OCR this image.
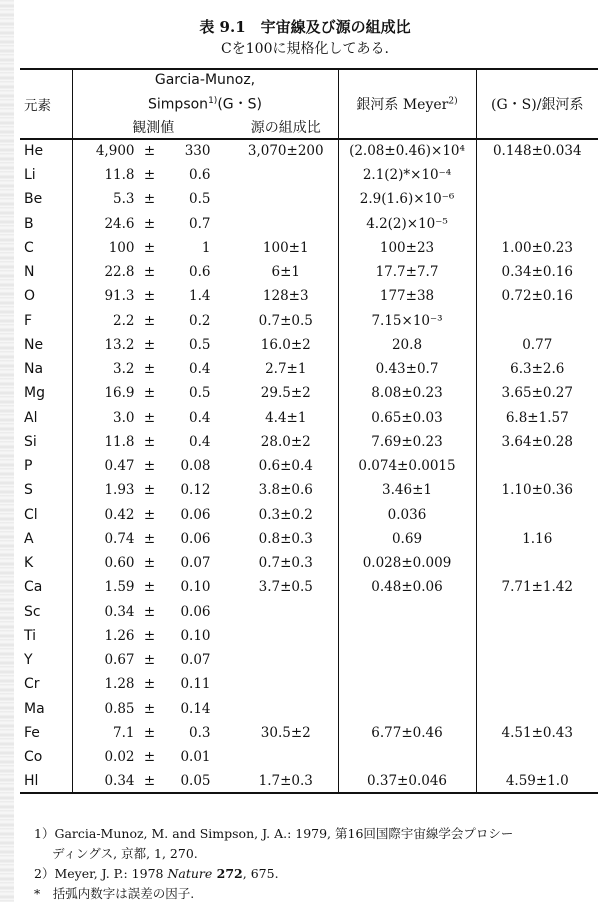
表 9.1　宇宙線及び源の組成比
Cを100に規格化してある.
元素	Garcia-Munoz,
Simpson$^{1)}$(G・S)		銀河系 Meyer$^{2)}$	(G・S)/銀河系
	観測値	源の組成比		
He	4,900 ± 330	3,070±200	(2.08±0.46)×10⁴	0.148±0.034
Li	11.8 ± 0.6		2.1(2)*×10⁻⁴	
Be	5.3 ± 0.5		2.9(1.6)×10⁻⁶	
B	24.6 ± 0.7		4.2(2)×10⁻⁵	
C	100 ± 1	100±1	100±23	1.00±0.23
N	22.8 ± 0.6	6±1	17.7±7.7	0.34±0.16
O	91.3 ± 1.4	128±3	177±38	0.72±0.16
F	2.2 ± 0.2	0.7±0.5	7.15×10⁻³	
Ne	13.2 ± 0.5	16.0±2	20.8	0.77
Na	3.2 ± 0.4	2.7±1	0.43±0.7	6.3±2.6
Mg	16.9 ± 0.5	29.5±2	8.08±0.23	3.65±0.27
Al	3.0 ± 0.4	4.4±1	0.65±0.03	6.8±1.57
Si	11.8 ± 0.4	28.0±2	7.69±0.23	3.64±0.28
P	0.47 ± 0.08	0.6±0.4	0.074±0.0015	
S	1.93 ± 0.12	3.8±0.6	3.46±1	1.10±0.36
Cl	0.42 ± 0.06	0.3±0.2	0.036	
A	0.74 ± 0.06	0.8±0.3	0.69	1.16
K	0.60 ± 0.07	0.7±0.3	0.028±0.009	
Ca	1.59 ± 0.10	3.7±0.5	0.48±0.06	7.71±1.42
Sc	0.34 ± 0.06			
Ti	1.26 ± 0.10			
Y	0.67 ± 0.07			
Cr	1.28 ± 0.11			
Ma	0.85 ± 0.14			
Fe	7.1 ± 0.3	30.5±2	6.77±0.46	4.51±0.43
Co	0.02 ± 0.01			
Hl	0.34 ± 0.05	1.7±0.3	0.37±0.046	4.59±1.0
1）Garcia-Munoz, M. and Simpson, J. A.: 1979, 第16回国際宇宙線学会プロシー
ディングス, 京都, 1, 270.
2）Meyer, J. P.: 1978 Nature 272, 675.
*　括弧内数字は誤差の因子.
